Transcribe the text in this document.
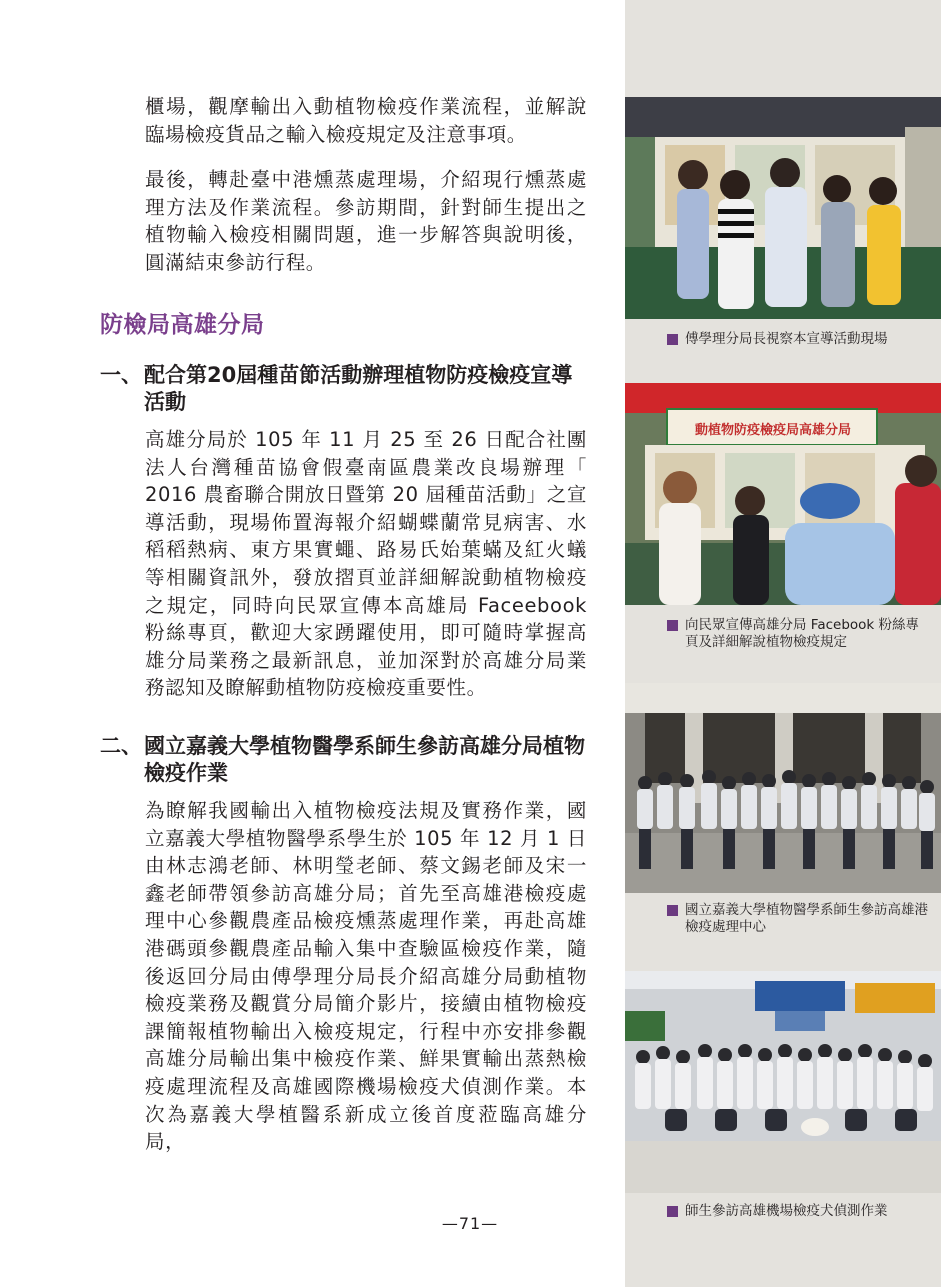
櫃場，觀摩輸出入動植物檢疫作業流程，並解說臨場檢疫貨品之輸入檢疫規定及注意事項。

最後，轉赴臺中港燻蒸處理場，介紹現行燻蒸處理方法及作業流程。參訪期間，針對師生提出之植物輸入檢疫相關問題，進一步解答與說明後，圓滿結束參訪行程。

防檢局高雄分局
一、 配合第20屆種苗節活動辦理植物防疫檢疫宣導活動

高雄分局於 105 年 11 月 25 至 26 日配合社團法人台灣種苗協會假臺南區農業改良場辦理「 2016 農畜聯合開放日暨第 20 屆種苗活動」之宣導活動，現場佈置海報介紹蝴蝶蘭常見病害、水稻稻熱病、東方果實蠅、路易氏始葉蟎及紅火蟻等相關資訊外，發放摺頁並詳細解說動植物檢疫之規定，同時向民眾宣傳本高雄局 Faceebook 粉絲專頁，歡迎大家踴躍使用，即可隨時掌握高雄分局業務之最新訊息，並加深對於高雄分局業務認知及瞭解動植物防疫檢疫重要性。

二、 國立嘉義大學植物醫學系師生參訪高雄分局植物檢疫作業

為瞭解我國輸出入植物檢疫法規及實務作業，國立嘉義大學植物醫學系學生於 105 年 12 月 1 日由林志鴻老師、林明瑩老師、蔡文錫老師及宋一鑫老師帶領參訪高雄分局；首先至高雄港檢疫處理中心參觀農產品檢疫燻蒸處理作業，再赴高雄港碼頭參觀農產品輸入集中查驗區檢疫作業，隨後返回分局由傅學理分局長介紹高雄分局動植物檢疫業務及觀賞分局簡介影片，接續由植物檢疫課簡報植物輸出入檢疫規定，行程中亦安排參觀高雄分局輸出集中檢疫作業、鮮果實輸出蒸熱檢疫處理流程及高雄國際機場檢疫犬偵測作業。本次為嘉義大學植醫系新成立後首度蒞臨高雄分局，

傅學理分局長視察本宣導活動現場
動植物防疫檢疫局高雄分局
向民眾宣傳高雄分局 Facebook 粉絲專頁及詳細解說植物檢疫規定
國立嘉義大學植物醫學系師生參訪高雄港檢疫處理中心
師生參訪高雄機場檢疫犬偵測作業
—71—
